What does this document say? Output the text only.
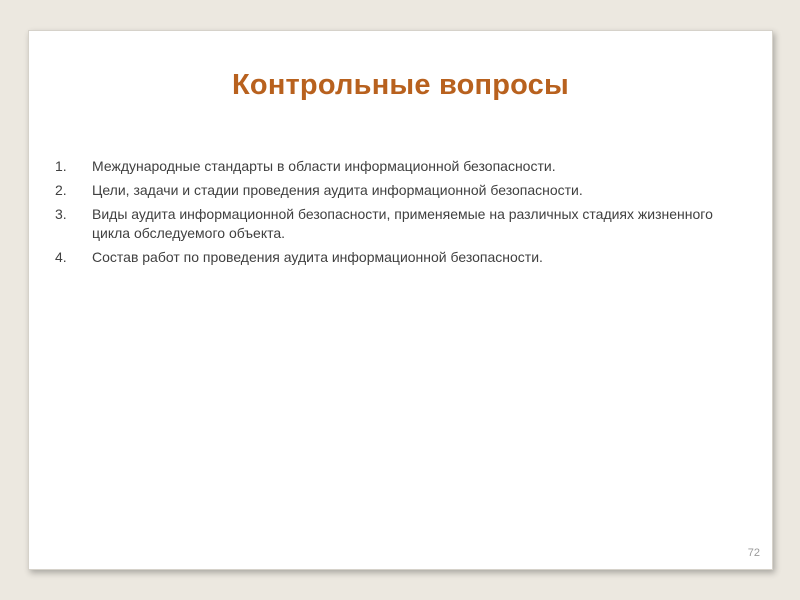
Контрольные вопросы
1.	Международные стандарты в области информационной безопасности.
2.	Цели, задачи и стадии проведения аудита информационной безопасности.
3.	Виды аудита информационной безопасности, применяемые на различных стадиях жизненного цикла обследуемого объекта.
4.	Состав работ по проведения аудита информационной безопасности.
72
